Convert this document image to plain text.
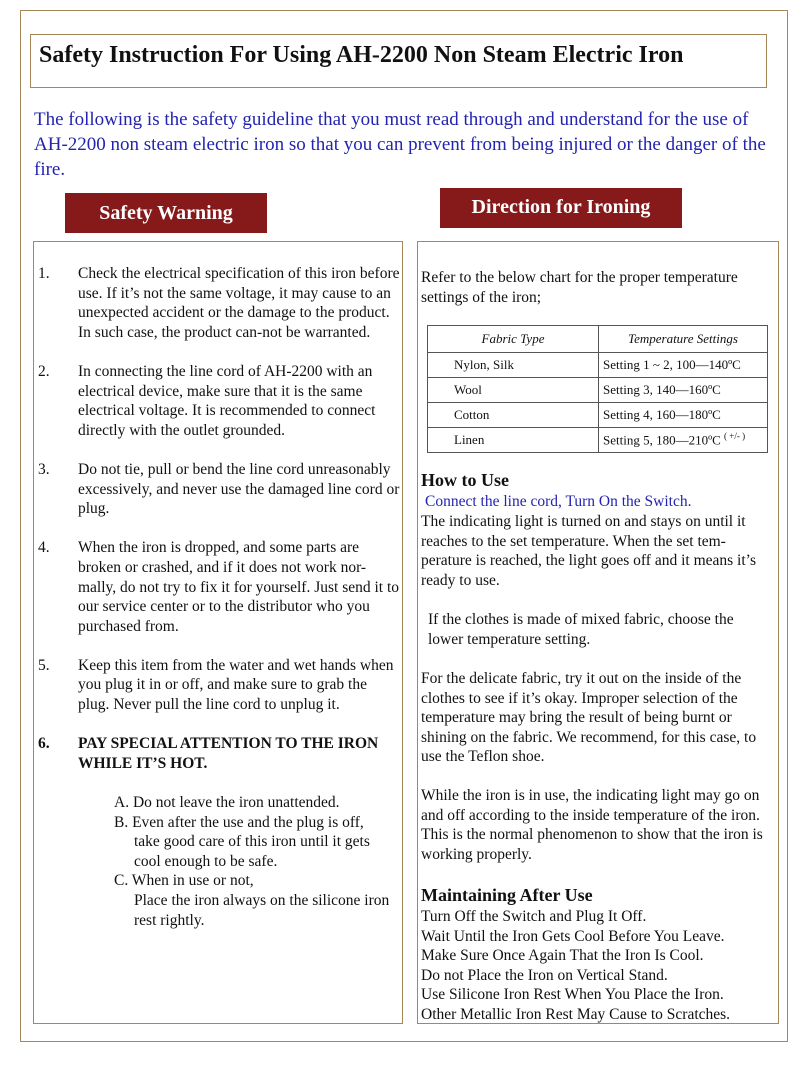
Safety Instruction For Using AH-2200 Non Steam Electric Iron

The following is the safety guideline that you must read through and understand for the use of AH-2200 non steam electric iron so that you can prevent from being injured or the danger of the fire.

Safety Warning	Direction for Ironing
1. Check the electrical specification of this iron before use. If it’s not the same voltage, it may cause to an unexpected accident or the damage to the product. In such case, the product can-not be warranted.
2. In connecting the line cord of AH-2200 with an electrical device, make sure that it is the same electrical voltage. It is recommended to connect directly with the outlet grounded.
3. Do not tie, pull or bend the line cord unreasonably excessively, and never use the damaged line cord or plug.
4. When the iron is dropped, and some parts are broken or crashed, and if it does not work nor-mally, do not try to fix it for yourself. Just send it to our service center or to the distributor who you purchased from.
5. Keep this item from the water and wet hands when you plug it in or off, and make sure to grab the plug. Never pull the line cord to unplug it.
6. PAY SPECIAL ATTENTION TO THE IRON WHILE IT’S HOT.
A. Do not leave the iron unattended.
B. Even after the use and the plug is off,
take good care of this iron until it gets
cool enough to be safe.
C. When in use or not,
Place the iron always on the silicone iron
rest rightly.

Refer to the below chart for the proper temperature settings of the iron;

Fabric Type	Temperature Settings
Nylon, Silk	Setting 1 ~ 2, 100—140ºC
Wool	Setting 3, 140—160ºC
Cotton	Setting 4, 160—180ºC
Linen	Setting 5, 180—210ºC ( +/- )
How to Use

Connect the line cord, Turn On the Switch.

The indicating light is turned on and stays on until it reaches to the set temperature. When the set tem-perature is reached, the light goes off and it means it’s ready to use.

If the clothes is made of mixed fabric, choose the lower temperature setting.

For the delicate fabric, try it out on the inside of the clothes to see if it’s okay. Improper selection of the temperature may bring the result of being burnt or shining on the fabric. We recommend, for this case, to use the Teflon shoe.

While the iron is in use, the indicating light may go on and off according to the inside temperature of the iron. This is the normal phenomenon to show that the iron is working properly.

Maintaining After Use
Turn Off the Switch and Plug It Off.
Wait Until the Iron Gets Cool Before You Leave.
Make Sure Once Again That the Iron Is Cool.
Do not Place the Iron on Vertical Stand.
Use Silicone Iron Rest When You Place the Iron.
Other Metallic Iron Rest May Cause to Scratches.
